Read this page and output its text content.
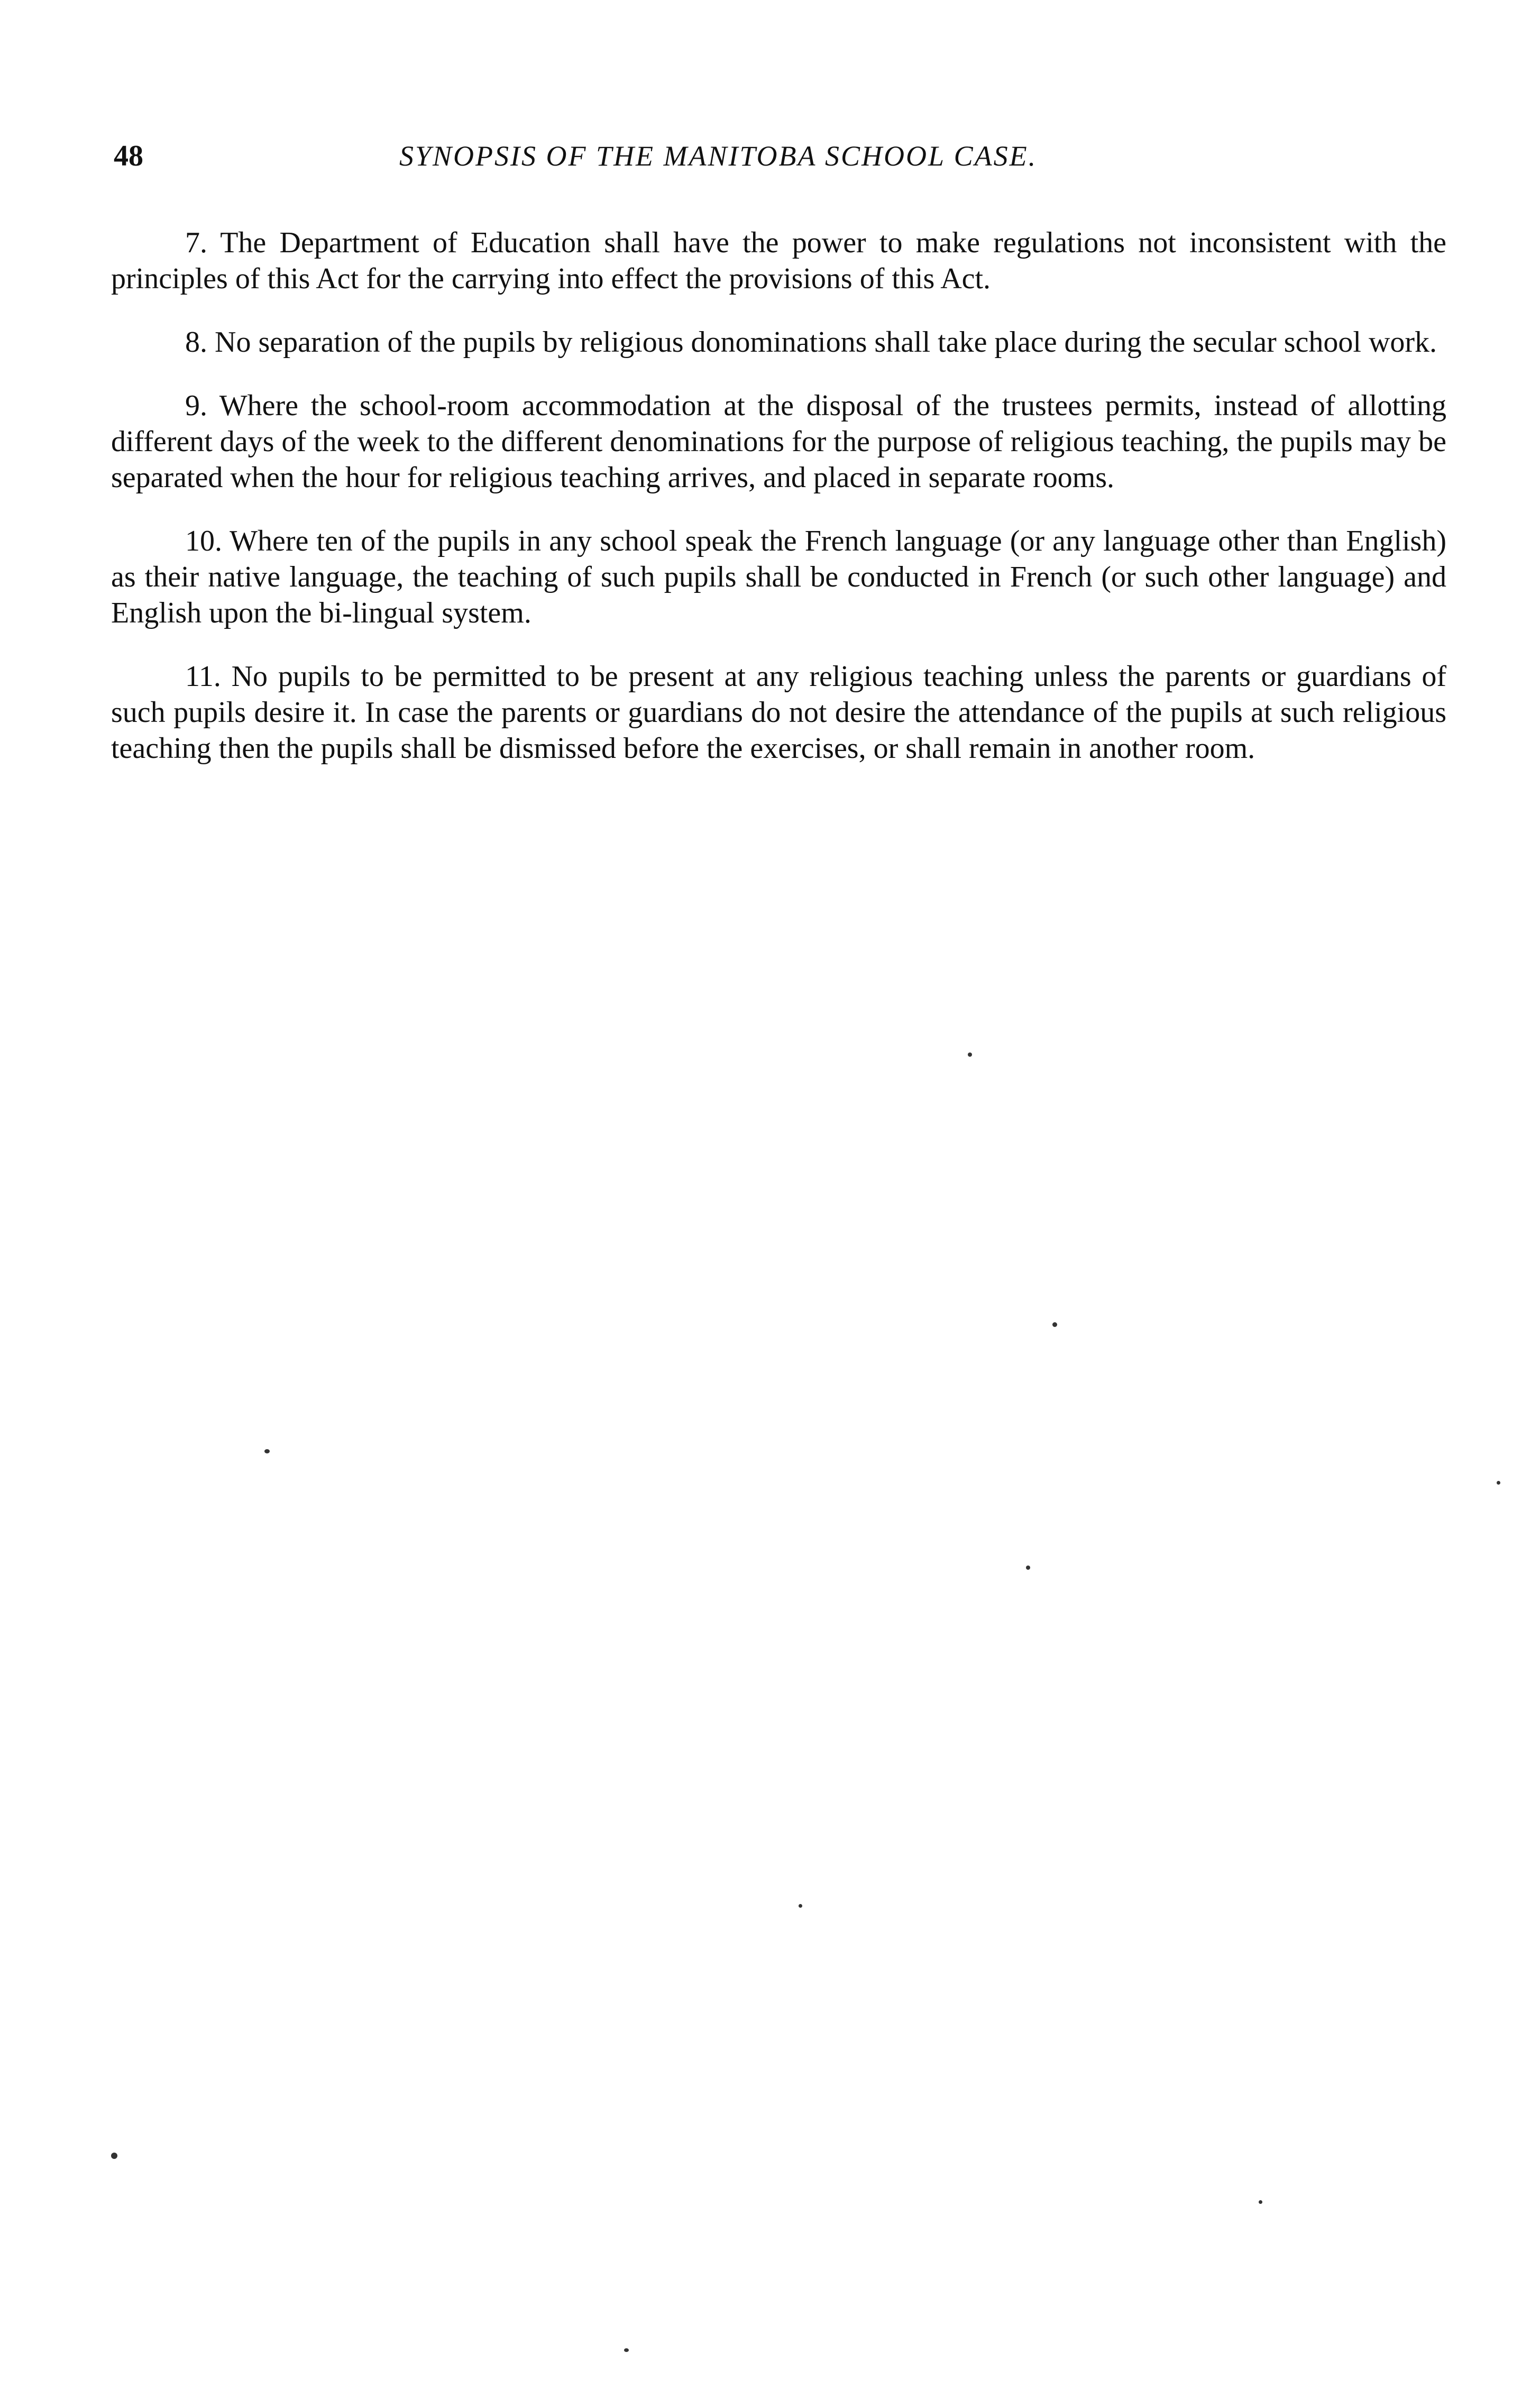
48	SYNOPSIS OF THE MANITOBA SCHOOL CASE.

7. The Department of Education shall have the power to make regulations not inconsistent with the principles of this Act for the carrying into effect the provisions of this Act.

8. No separation of the pupils by religious donominations shall take place during the secular school work.

9. Where the school-room accommodation at the disposal of the trustees permits, instead of allotting different days of the week to the different denominations for the purpose of religious teaching, the pupils may be separated when the hour for religious teaching arrives, and placed in separate rooms.

10. Where ten of the pupils in any school speak the French language (or any language other than English) as their native language, the teaching of such pupils shall be conducted in French (or such other language) and English upon the bi-lingual system.

11. No pupils to be permitted to be present at any religious teaching unless the parents or guardians of such pupils desire it. In case the parents or guardians do not desire the attendance of the pupils at such religious teaching then the pupils shall be dismissed before the exercises, or shall remain in another room.
